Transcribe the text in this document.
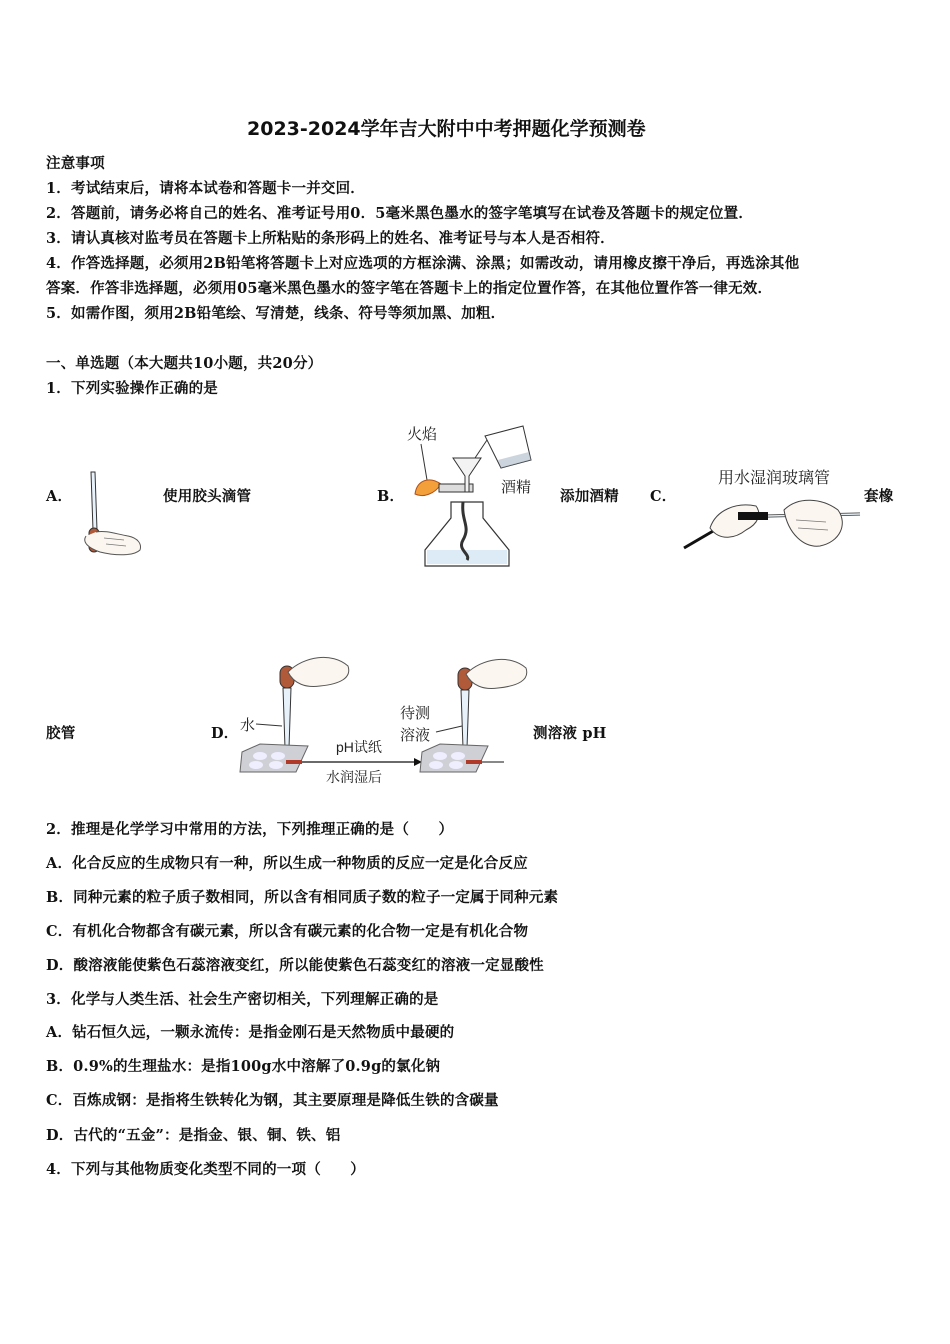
2023-2024学年吉大附中中考押题化学预测卷
注意事项
1．考试结束后，请将本试卷和答题卡一并交回．
2．答题前，请务必将自己的姓名、准考证号用0．5毫米黑色墨水的签字笔填写在试卷及答题卡的规定位置．
3．请认真核对监考员在答题卡上所粘贴的条形码上的姓名、准考证号与本人是否相符．
4．作答选择题，必须用2B铅笔将答题卡上对应选项的方框涂满、涂黑；如需改动，请用橡皮擦干净后，再选涂其他
答案．作答非选择题，必须用05毫米黑色墨水的签字笔在答题卡上的指定位置作答，在其他位置作答一律无效．
5．如需作图，须用2B铅笔绘、写清楚，线条、符号等须加黑、加粗．
一、单选题（本大题共10小题，共20分）
1．下列实验操作正确的是
A．	使用胶头滴管	B．
火焰
酒精
添加酒精 C．
用水湿润玻璃管
套橡
胶管	D． 水
pH试纸
水润湿后
待测
溶液	测溶液 pH
2．推理是化学学习中常用的方法，下列推理正确的是（　　）
A．化合反应的生成物只有一种，所以生成一种物质的反应一定是化合反应
B．同种元素的粒子质子数相同，所以含有相同质子数的粒子一定属于同种元素
C．有机化合物都含有碳元素，所以含有碳元素的化合物一定是有机化合物
D．酸溶液能使紫色石蕊溶液变红，所以能使紫色石蕊变红的溶液一定显酸性
3．化学与人类生活、社会生产密切相关，下列理解正确的是
A．钻石恒久远，一颗永流传：是指金刚石是天然物质中最硬的
B．0.9%的生理盐水：是指100g水中溶解了0.9g的氯化钠
C．百炼成钢：是指将生铁转化为钢，其主要原理是降低生铁的含碳量
D．古代的“五金”：是指金、银、铜、铁、铝
4．下列与其他物质变化类型不同的一项（　　）
